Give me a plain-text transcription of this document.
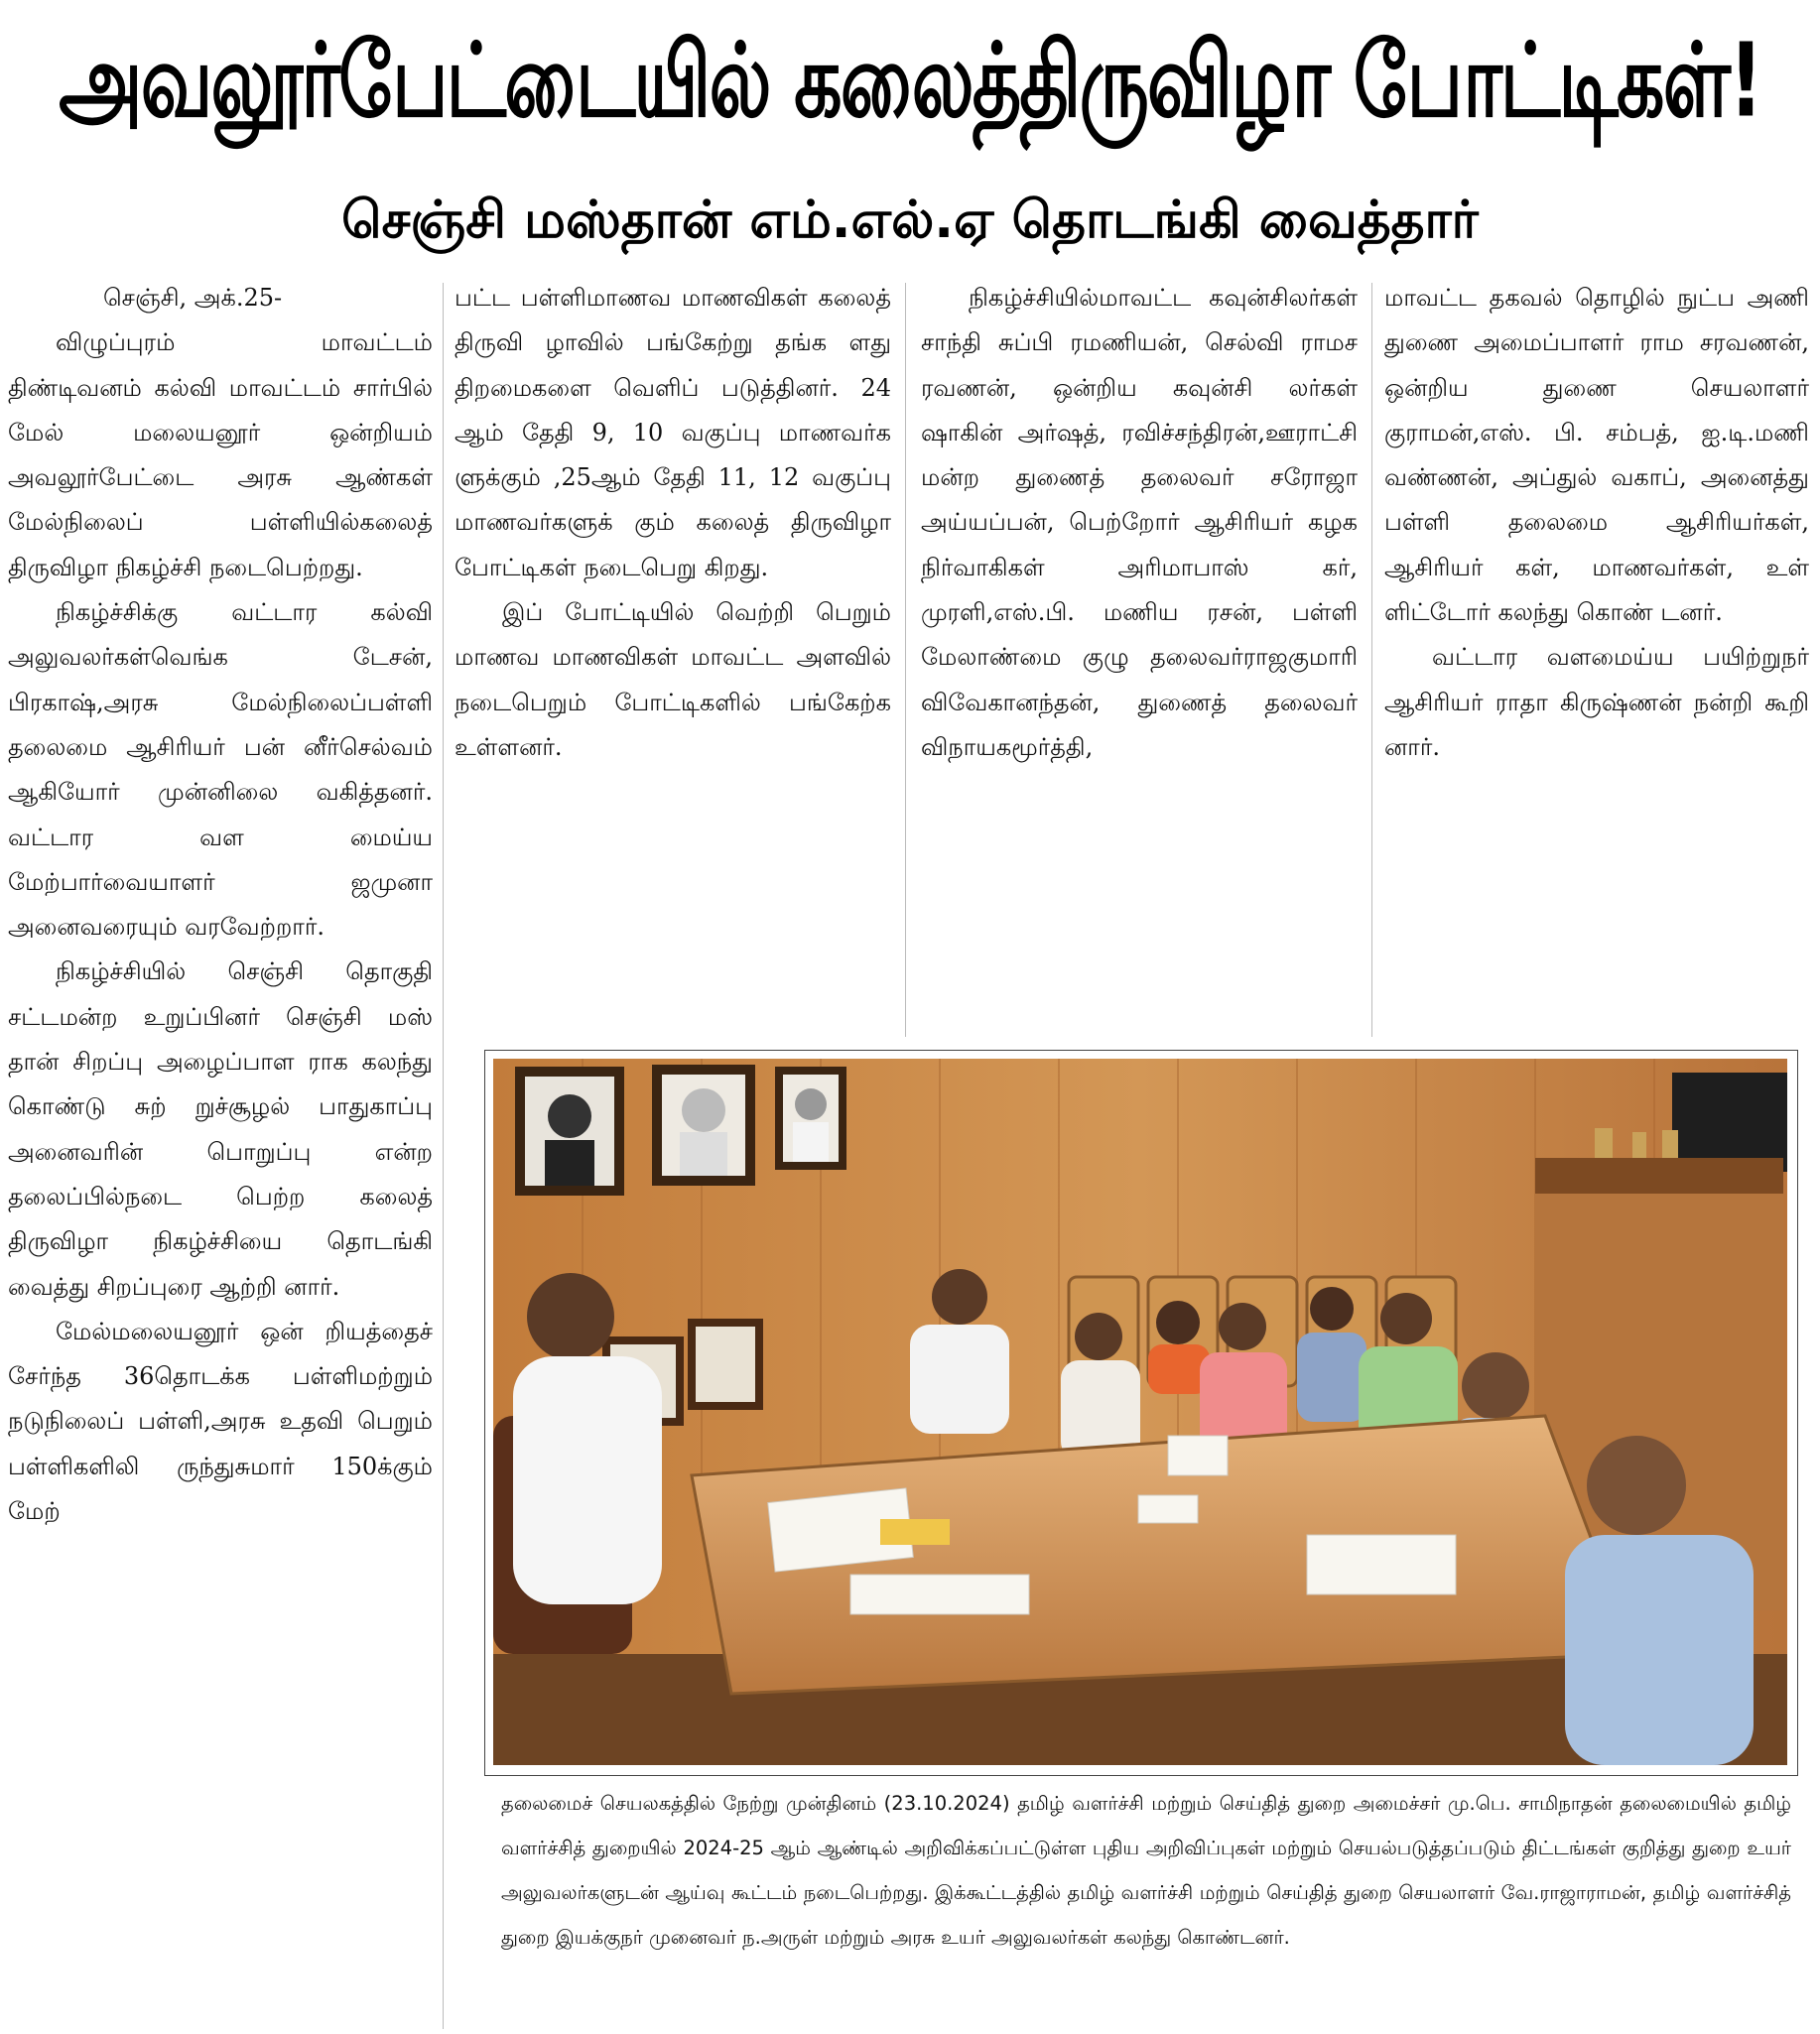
அவலூர்பேட்டையில் கலைத்திருவிழா போட்டிகள்!
செஞ்சி மஸ்தான் எம்.எல்.ஏ தொடங்கி வைத்தார்

செஞ்சி, அக்.25-

விழுப்புரம் மாவட்டம் திண்டிவனம் கல்வி மாவட்டம் சார்பில் மேல் மலையனூர் ஒன்றியம் அவலூர்பேட்டை அரசு ஆண்கள் மேல்நிலைப் பள்ளியில்கலைத் திருவிழா நிகழ்ச்சி நடைபெற்றது.

நிகழ்ச்சிக்கு வட்டார கல்வி அலுவலர்கள்வெங்க டேசன், பிரகாஷ்,அரசு மேல்நிலைப்பள்ளி தலைமை ஆசிரியர் பன் னீர்செல்வம் ஆகியோர் முன்னிலை வகித்தனர். வட்டார வள மைய்ய மேற்பார்வையாளர் ஜமுனா அனைவரையும் வரவேற்றார்.

நிகழ்ச்சியில் செஞ்சி தொகுதி சட்டமன்ற உறுப்பினர் செஞ்சி மஸ் தான் சிறப்பு அழைப்பாள ராக கலந்து கொண்டு சுற் றுச்சூழல் பாதுகாப்பு அனைவரின் பொறுப்பு என்ற தலைப்பில்நடை பெற்ற கலைத் திருவிழா நிகழ்ச்சியை தொடங்கி வைத்து சிறப்புரை ஆற்றி னார்.

மேல்மலையனூர் ஒன் றியத்தைச் சேர்ந்த 36தொடக்க பள்ளிமற்றும் நடுநிலைப் பள்ளி,அரசு உதவி பெறும் பள்ளிகளிலி ருந்துசுமார் 150க்கும் மேற்

பட்ட பள்ளிமாணவ மாணவிகள் கலைத் திருவி ழாவில் பங்கேற்று தங்க ளது திறமைகளை வெளிப் படுத்தினர். 24 ஆம் தேதி 9, 10 வகுப்பு மாணவர்க ளுக்கும் ,25ஆம் தேதி 11, 12 வகுப்பு மாணவர்களுக் கும் கலைத் திருவிழா போட்டிகள் நடைபெறு கிறது.

இப் போட்டியில் வெற்றி பெறும் மாணவ மாணவிகள் மாவட்ட அளவில் நடைபெறும் போட்டிகளில் பங்கேற்க உள்ளனர்.

நிகழ்ச்சியில்மாவட்ட கவுன்சிலர்கள் சாந்தி சுப்பி ரமணியன், செல்வி ராமச ரவணன், ஒன்றிய கவுன்சி லர்கள் ஷாகின் அர்ஷத், ரவிச்சந்திரன்,ஊராட்சி மன்ற துணைத் தலைவர் சரோஜா அய்யப்பன், பெற்றோர் ஆசிரியர் கழக நிர்வாகிகள் அரிமாபாஸ் கர், முரளி,எஸ்.பி. மணிய ரசன், பள்ளி மேலாண்மை குழு தலைவர்ராஜகுமாரி விவேகானந்தன், துணைத் தலைவர் விநாயகமூர்த்தி,

மாவட்ட தகவல் தொழில் நுட்ப அணி துணை அமைப்பாளர் ராம சரவணன், ஒன்றிய துணை செயலாளர் குராமன்,எஸ். பி. சம்பத், ஐ.டி.மணி வண்ணன், அப்துல் வகாப், அனைத்து பள்ளி தலைமை ஆசிரியர்கள், ஆசிரியர் கள், மாணவர்கள், உள் ளிட்டோர் கலந்து கொண் டனர்.

வட்டார வளமைய்ய பயிற்றுநர் ஆசிரியர் ராதா கிருஷ்ணன் நன்றி கூறி னார்.

தலைமைச் செயலகத்தில் நேற்று முன்தினம் (23.10.2024) தமிழ் வளர்ச்சி மற்றும் செய்தித் துறை அமைச்சர் மு.பெ. சாமிநாதன் தலைமையில் தமிழ் வளர்ச்சித் துறையில் 2024-25 ஆம் ஆண்டில் அறிவிக்கப்பட்டுள்ள புதிய அறிவிப்புகள் மற்றும் செயல்படுத்தப்படும் திட்டங்கள் குறித்து துறை உயர் அலுவலர்களுடன் ஆய்வு கூட்டம் நடைபெற்றது. இக்கூட்டத்தில் தமிழ் வளர்ச்சி மற்றும் செய்தித் துறை செயலாளர் வே.ராஜாராமன், தமிழ் வளர்ச்சித் துறை இயக்குநர் முனைவர் ந.அருள் மற்றும் அரசு உயர் அலுவலர்கள் கலந்து கொண்டனர்.
